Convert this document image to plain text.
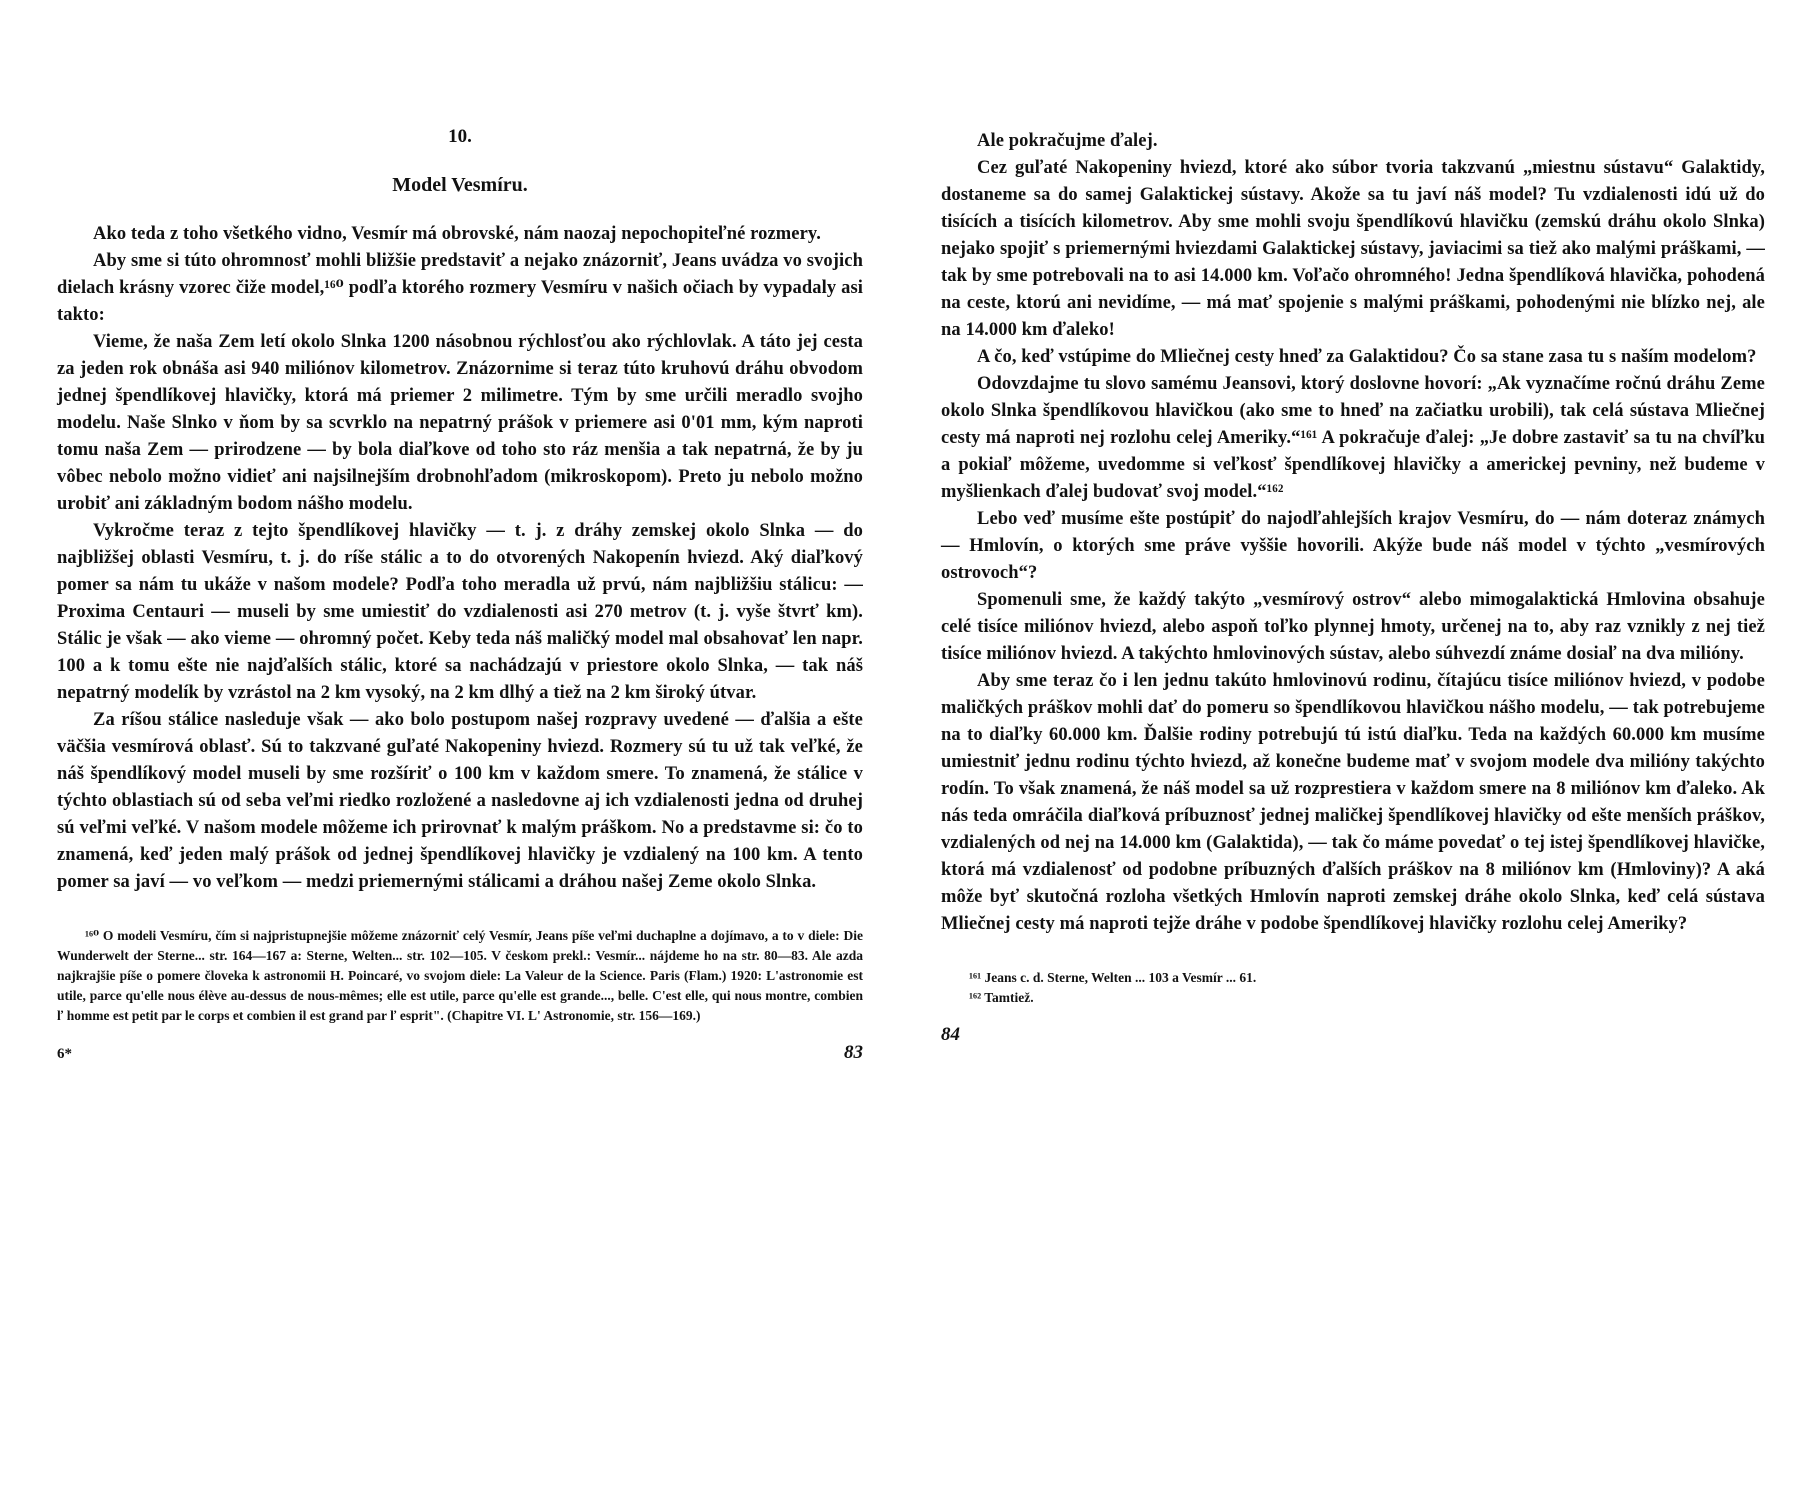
10.
Model Vesmíru.

Ako teda z toho všetkého vidno, Vesmír má obrovské, nám naozaj nepochopiteľné rozmery.

Aby sme si túto ohromnosť mohli bližšie predstaviť a nejako znázorniť, Jeans uvádza vo svojich dielach krásny vzorec čiže model,¹⁶⁰ podľa ktorého rozmery Vesmíru v našich očiach by vypadaly asi takto:

Vieme, že naša Zem letí okolo Slnka 1200 násobnou rýchlosťou ako rýchlovlak. A táto jej cesta za jeden rok obnáša asi 940 miliónov kilometrov. Znázornime si teraz túto kruhovú dráhu obvodom jednej špendlíkovej hlavičky, ktorá má priemer 2 milimetre. Tým by sme určili meradlo svojho modelu. Naše Slnko v ňom by sa scvrklo na nepatrný prášok v priemere asi 0'01 mm, kým naproti tomu naša Zem — prirodzene — by bola diaľkove od toho sto ráz menšia a tak nepatrná, že by ju vôbec nebolo možno vidieť ani najsilnejším drobnohľadom (mikroskopom). Preto ju nebolo možno urobiť ani základným bodom nášho modelu.

Vykročme teraz z tejto špendlíkovej hlavičky — t. j. z dráhy zemskej okolo Slnka — do najbližšej oblasti Vesmíru, t. j. do ríše stálic a to do otvorených Nakopenín hviezd. Aký diaľkový pomer sa nám tu ukáže v našom modele? Podľa toho meradla už prvú, nám najbližšiu stálicu: — Proxima Centauri — museli by sme umiestiť do vzdialenosti asi 270 metrov (t. j. vyše štvrť km). Stálic je však — ako vieme — ohromný počet. Keby teda náš maličký model mal obsahovať len napr. 100 a k tomu ešte nie najďalších stálic, ktoré sa nachádzajú v priestore okolo Slnka, — tak náš nepatrný modelík by vzrástol na 2 km vysoký, na 2 km dlhý a tiež na 2 km široký útvar.

Za ríšou stálice nasleduje však — ako bolo postupom našej rozpravy uvedené — ďalšia a ešte väčšia vesmírová oblasť. Sú to takzvané guľaté Nakopeniny hviezd. Rozmery sú tu už tak veľké, že náš špendlíkový model museli by sme rozšíriť o 100 km v každom smere. To znamená, že stálice v týchto oblastiach sú od seba veľmi riedko rozložené a nasledovne aj ich vzdialenosti jedna od druhej sú veľmi veľké. V našom modele môžeme ich prirovnať k malým práškom. No a predstavme si: čo to znamená, keď jeden malý prášok od jednej špendlíkovej hlavičky je vzdialený na 100 km. A tento pomer sa javí — vo veľkom — medzi priemernými stálicami a dráhou našej Zeme okolo Slnka.

¹⁶⁰ O modeli Vesmíru, čím si najpristupnejšie môžeme znázorniť celý Vesmír, Jeans píše veľmi duchaplne a dojímavo, a to v diele: Die Wunderwelt der Sterne... str. 164—167 a: Sterne, Welten... str. 102—105. V českom prekl.: Vesmír... nájdeme ho na str. 80—83. Ale azda najkrajšie píše o pomere človeka k astronomii H. Poincaré, vo svojom diele: La Valeur de la Science. Paris (Flam.) 1920: L'astronomie est utile, parce qu'elle nous élève au-dessus de nous-mêmes; elle est utile, parce qu'elle est grande..., belle. C'est elle, qui nous montre, combien ľ homme est petit par le corps et combien il est grand par ľ esprit". (Chapitre VI. L' Astronomie, str. 156—169.)

6*	83

Ale pokračujme ďalej.

Cez guľaté Nakopeniny hviezd, ktoré ako súbor tvoria takzvanú „miestnu sústavu“ Galaktidy, dostaneme sa do samej Galaktickej sústavy. Akože sa tu javí náš model? Tu vzdialenosti idú už do tisících a tisících kilometrov. Aby sme mohli svoju špendlíkovú hlavičku (zemskú dráhu okolo Slnka) nejako spojiť s priemernými hviezdami Galaktickej sústavy, javiacimi sa tiež ako malými práškami, — tak by sme potrebovali na to asi 14.000 km. Voľačo ohromného! Jedna špendlíková hlavička, pohodená na ceste, ktorú ani nevidíme, — má mať spojenie s malými práškami, pohodenými nie blízko nej, ale na 14.000 km ďaleko!

A čo, keď vstúpime do Mliečnej cesty hneď za Galaktidou? Čo sa stane zasa tu s naším modelom?

Odovzdajme tu slovo samému Jeansovi, ktorý doslovne hovorí: „Ak vyznačíme ročnú dráhu Zeme okolo Slnka špendlíkovou hlavičkou (ako sme to hneď na začiatku urobili), tak celá sústava Mliečnej cesty má naproti nej rozlohu celej Ameriky.“¹⁶¹ A pokračuje ďalej: „Je dobre zastaviť sa tu na chvíľku a pokiaľ môžeme, uvedomme si veľkosť špendlíkovej hlavičky a americkej pevniny, než budeme v myšlienkach ďalej budovať svoj model.“¹⁶²

Lebo veď musíme ešte postúpiť do najodľahlejších krajov Vesmíru, do — nám doteraz známych — Hmlovín, o ktorých sme práve vyššie hovorili. Akýže bude náš model v týchto „vesmírových ostrovoch“?

Spomenuli sme, že každý takýto „vesmírový ostrov“ alebo mimogalaktická Hmlovina obsahuje celé tisíce miliónov hviezd, alebo aspoň toľko plynnej hmoty, určenej na to, aby raz vznikly z nej tiež tisíce miliónov hviezd. A takýchto hmlovinových sústav, alebo súhvezdí známe dosiaľ na dva milióny.

Aby sme teraz čo i len jednu takúto hmlovinovú rodinu, čítajúcu tisíce miliónov hviezd, v podobe maličkých práškov mohli dať do pomeru so špendlíkovou hlavičkou nášho modelu, — tak potrebujeme na to diaľky 60.000 km. Ďalšie rodiny potrebujú tú istú diaľku. Teda na každých 60.000 km musíme umiestniť jednu rodinu týchto hviezd, až konečne budeme mať v svojom modele dva milióny takýchto rodín. To však znamená, že náš model sa už rozprestiera v každom smere na 8 miliónov km ďaleko. Ak nás teda omráčila diaľková príbuznosť jednej maličkej špendlíkovej hlavičky od ešte menších práškov, vzdialených od nej na 14.000 km (Galaktida), — tak čo máme povedať o tej istej špendlíkovej hlavičke, ktorá má vzdialenosť od podobne príbuzných ďalších práškov na 8 miliónov km (Hmloviny)? A aká môže byť skutočná rozloha všetkých Hmlovín naproti zemskej dráhe okolo Slnka, keď celá sústava Mliečnej cesty má naproti tejže dráhe v podobe špendlíkovej hlavičky rozlohu celej Ameriky?

¹⁶¹ Jeans c. d. Sterne, Welten ... 103 a Vesmír ... 61.

¹⁶² Tamtiež.

84
